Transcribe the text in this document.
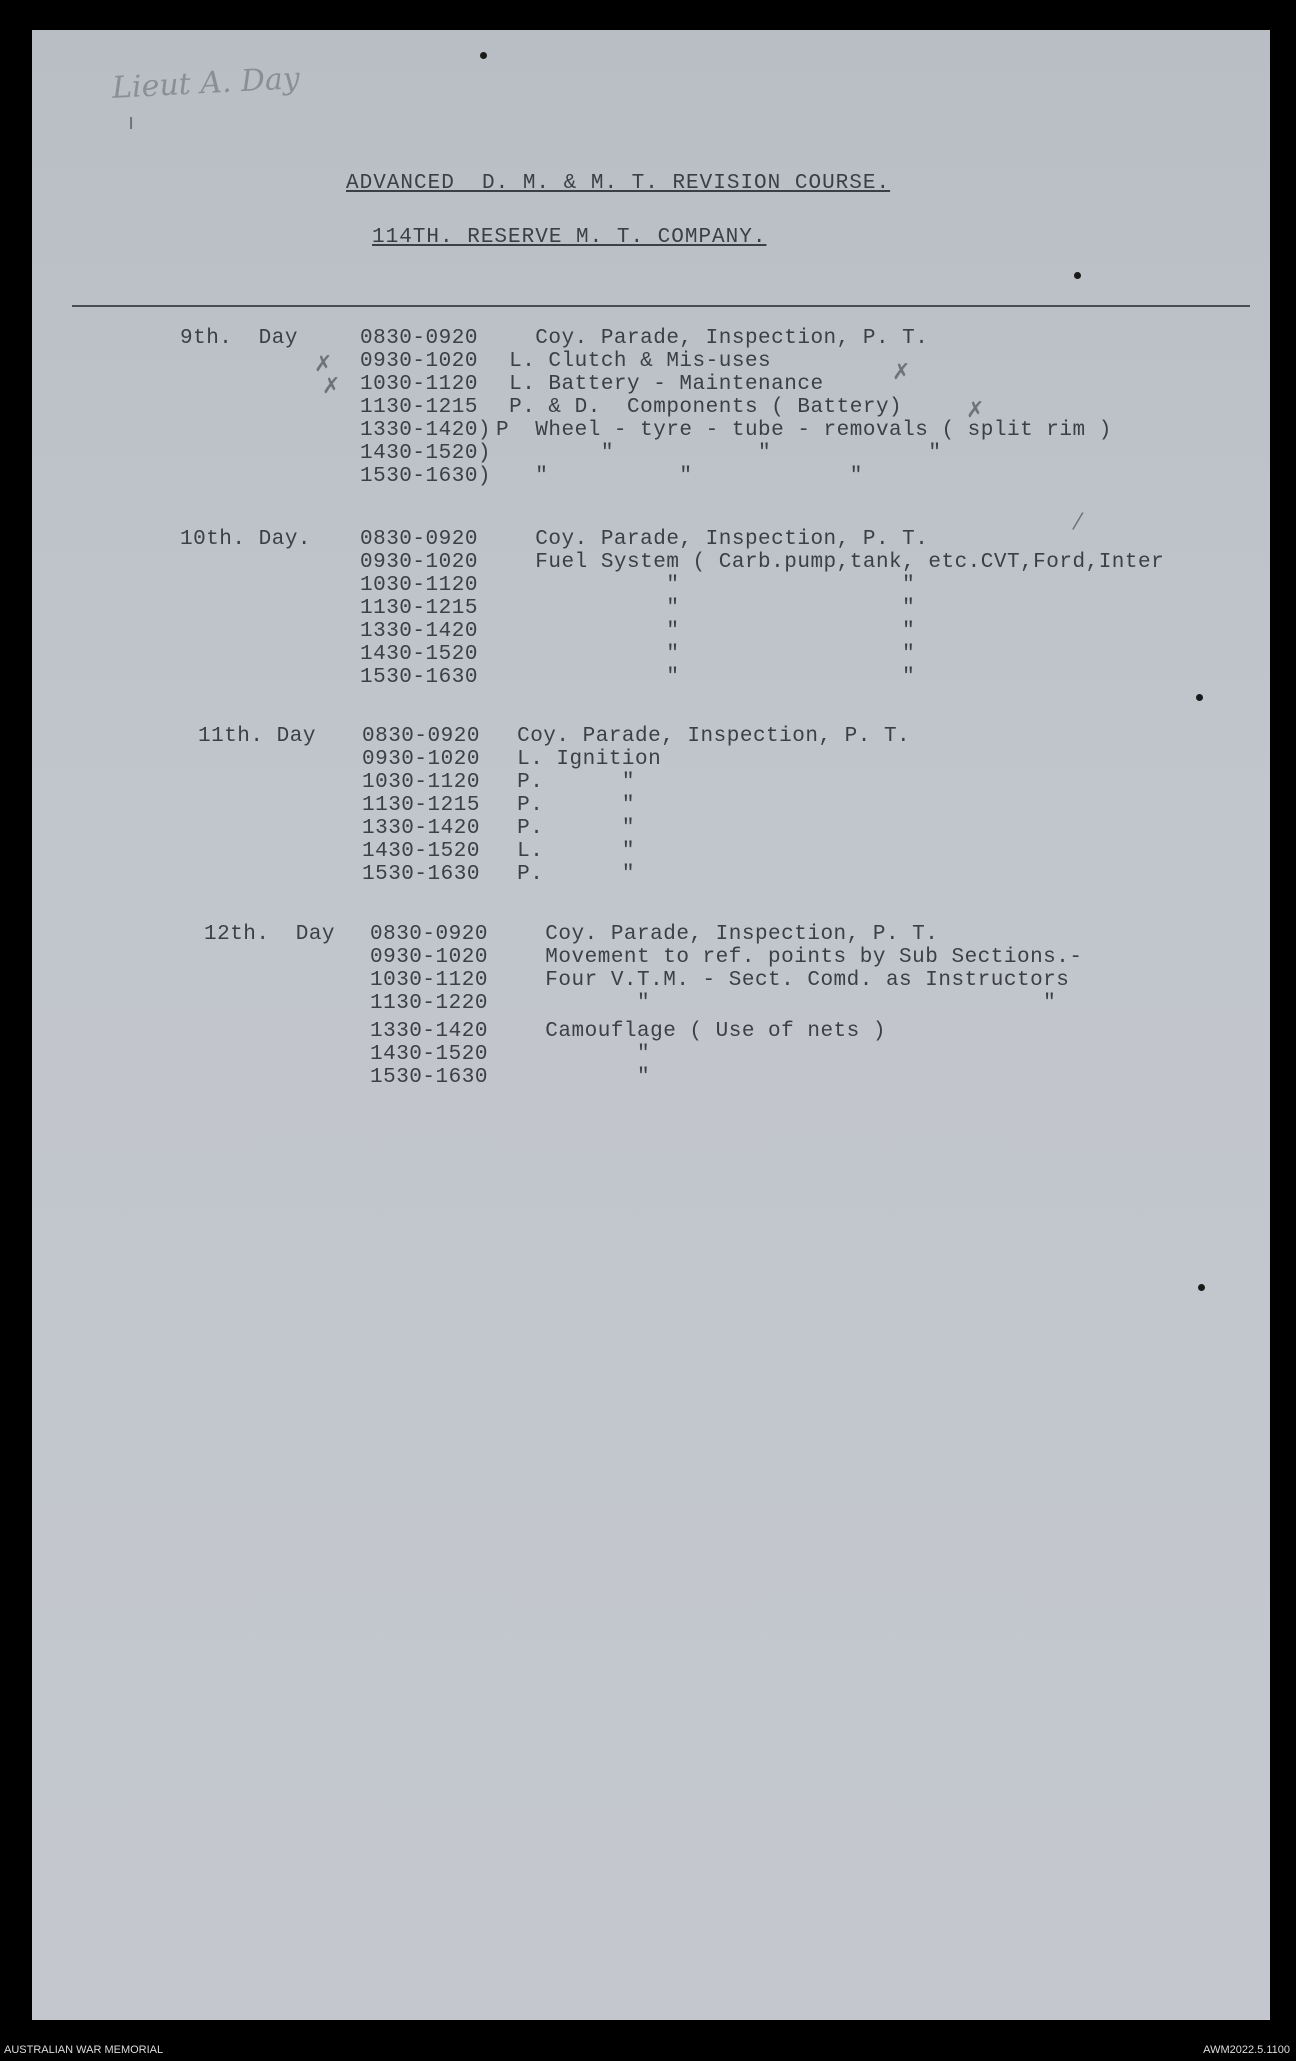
Lieut A. Day
ı
ADVANCED  D. M. & M. T. REVISION COURSE.
114TH. RESERVE M. T. COMPANY.
9th.  Day	0830-0920 Coy. Parade, Inspection, P. T.
0930-1020 L. Clutch & Mis-uses
1030-1120 L. Battery - Maintenance
1130-1215 P. & D.  Components ( Battery)
1330-1420) P  Wheel - tyre - tube - removals ( split rim )
1430-1520) "           "            "
1530-1630) "          "            "
✗
✗
✗
✗
10th. Day. 0830-0920 Coy. Parade, Inspection, P. T.
0930-1020 Fuel System ( Carb.pump,tank, etc.CVT,Ford,Inter
1030-1120 "                 "
1130-1215 "                 "
1330-1420 "                 "
1430-1520 "                 "
1530-1630 "                 "
⁄
11th. Day 0830-0920 Coy. Parade, Inspection, P. T.
0930-1020 L. Ignition
1030-1120 P.      "
1130-1215 P.      "
1330-1420 P.      "
1430-1520 L.      "
1530-1630 P.      "
12th.  Day 0830-0920 Coy. Parade, Inspection, P. T.
0930-1020 Movement to ref. points by Sub Sections.-
1030-1120 Four V.T.M. - Sect. Comd. as Instructors
1130-1220 "                              "
1330-1420 Camouflage ( Use of nets )
1430-1520 "
1530-1630 "
AUSTRALIAN WAR MEMORIAL	AWM2022.5.1100
